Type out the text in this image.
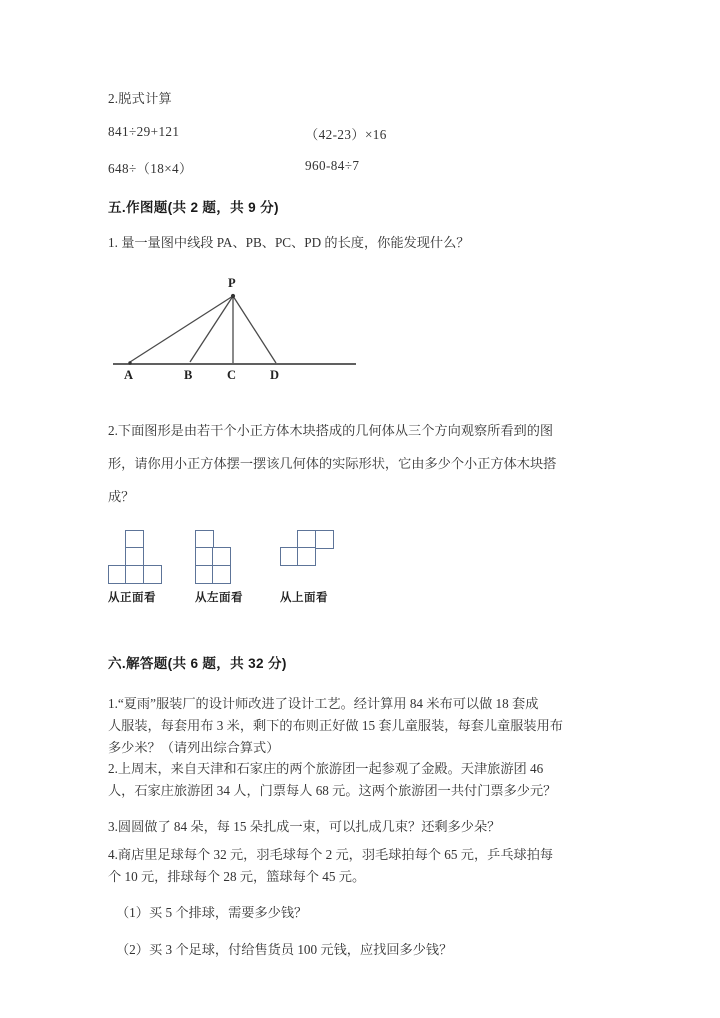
2.脱式计算
841÷29+121	（42-23）×16
648÷（18×4）	960-84÷7
五.作图题(共 2 题，共 9 分)
1. 量一量图中线段 PA、PB、PC、PD 的长度，你能发现什么？
P
A	B	C	D
2.下面图形是由若干个小正方体木块搭成的几何体从三个方向观察所看到的图
形，请你用小正方体摆一摆该几何体的实际形状，它由多少个小正方体木块搭
成？
从正面看	从左面看	从上面看
六.解答题(共 6 题，共 32 分)
1.“夏雨”服装厂的设计师改进了设计工艺。经计算用 84 米布可以做 18 套成
人服装，每套用布 3 米，剩下的布则正好做 15 套儿童服装，每套儿童服装用布
多少米？（请列出综合算式）
2.上周末，来自天津和石家庄的两个旅游团一起参观了金殿。天津旅游团 46
人，石家庄旅游团 34 人，门票每人 68 元。这两个旅游团一共付门票多少元？
3.圆圆做了 84 朵，每 15 朵扎成一束，可以扎成几束？还剩多少朵？
4.商店里足球每个 32 元，羽毛球每个 2 元，羽毛球拍每个 65 元，乒乓球拍每
个 10 元，排球每个 28 元，篮球每个 45 元。
（1）买 5 个排球，需要多少钱？
（2）买 3 个足球，付给售货员 100 元钱，应找回多少钱？
